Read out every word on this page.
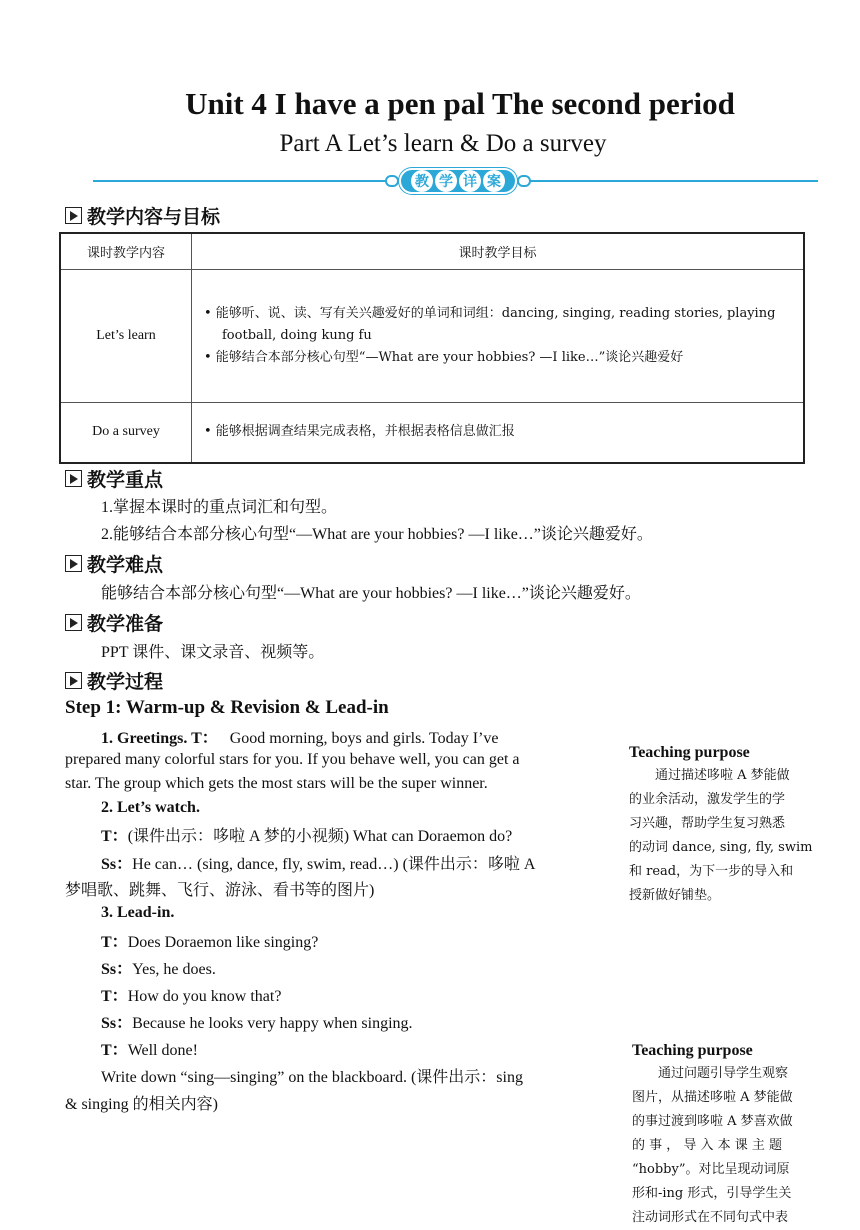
Unit 4 I have a pen pal The second period
Part A Let’s learn & Do a survey
教 学 详 案
教学内容与目标
课时教学内容	课时教学目标
Let’s learn	• 能够听、说、读、写有关兴趣爱好的单词和词组：dancing, singing, reading stories, playing
football, doing kung fu
• 能够结合本部分核心句型“—What are your hobbies? —I like…”谈论兴趣爱好

Do a survey	• 能够根据调查结果完成表格，并根据表格信息做汇报
教学重点
1.掌握本课时的重点词汇和句型。
2.能够结合本部分核心句型“—What are your hobbies? —I like…”谈论兴趣爱好。
教学难点
能够结合本部分核心句型“—What are your hobbies? —I like…”谈论兴趣爱好。
教学准备
PPT 课件、课文录音、视频等。
教学过程
Step 1: Warm-up & Revision & Lead-in
1. Greetings. T： Good morning, boys and girls. Today I’ve
prepared many colorful stars for you. If you behave well, you can get a
star. The group which gets the most stars will be the super winner.
2. Let’s watch.
T：(课件出示：哆啦 A 梦的小视频) What can Doraemon do?
Ss：He can… (sing, dance, fly, swim, read…) (课件出示：哆啦 A
梦唱歌、跳舞、飞行、游泳、看书等的图片)
3. Lead-in.
T：Does Doraemon like singing?
Ss：Yes, he does.
T：How do you know that?
Ss：Because he looks very happy when singing.
T：Well done!
Write down “sing—singing” on the blackboard. (课件出示：sing
& singing 的相关内容)
Teaching purpose
　　通过描述哆啦 A 梦能做
的业余活动，激发学生的学
习兴趣，帮助学生复习熟悉
的动词 dance, sing, fly, swim
和 read，为下一步的导入和
授新做好铺垫。
Teaching purpose
　　通过问题引导学生观察
图片，从描述哆啦 A 梦能做
的事过渡到哆啦 A 梦喜欢做
的 事 ， 导 入 本 课 主 题
“hobby”。对比呈现动词原
形和-ing 形式，引导学生关
注动词形式在不同句式中表
